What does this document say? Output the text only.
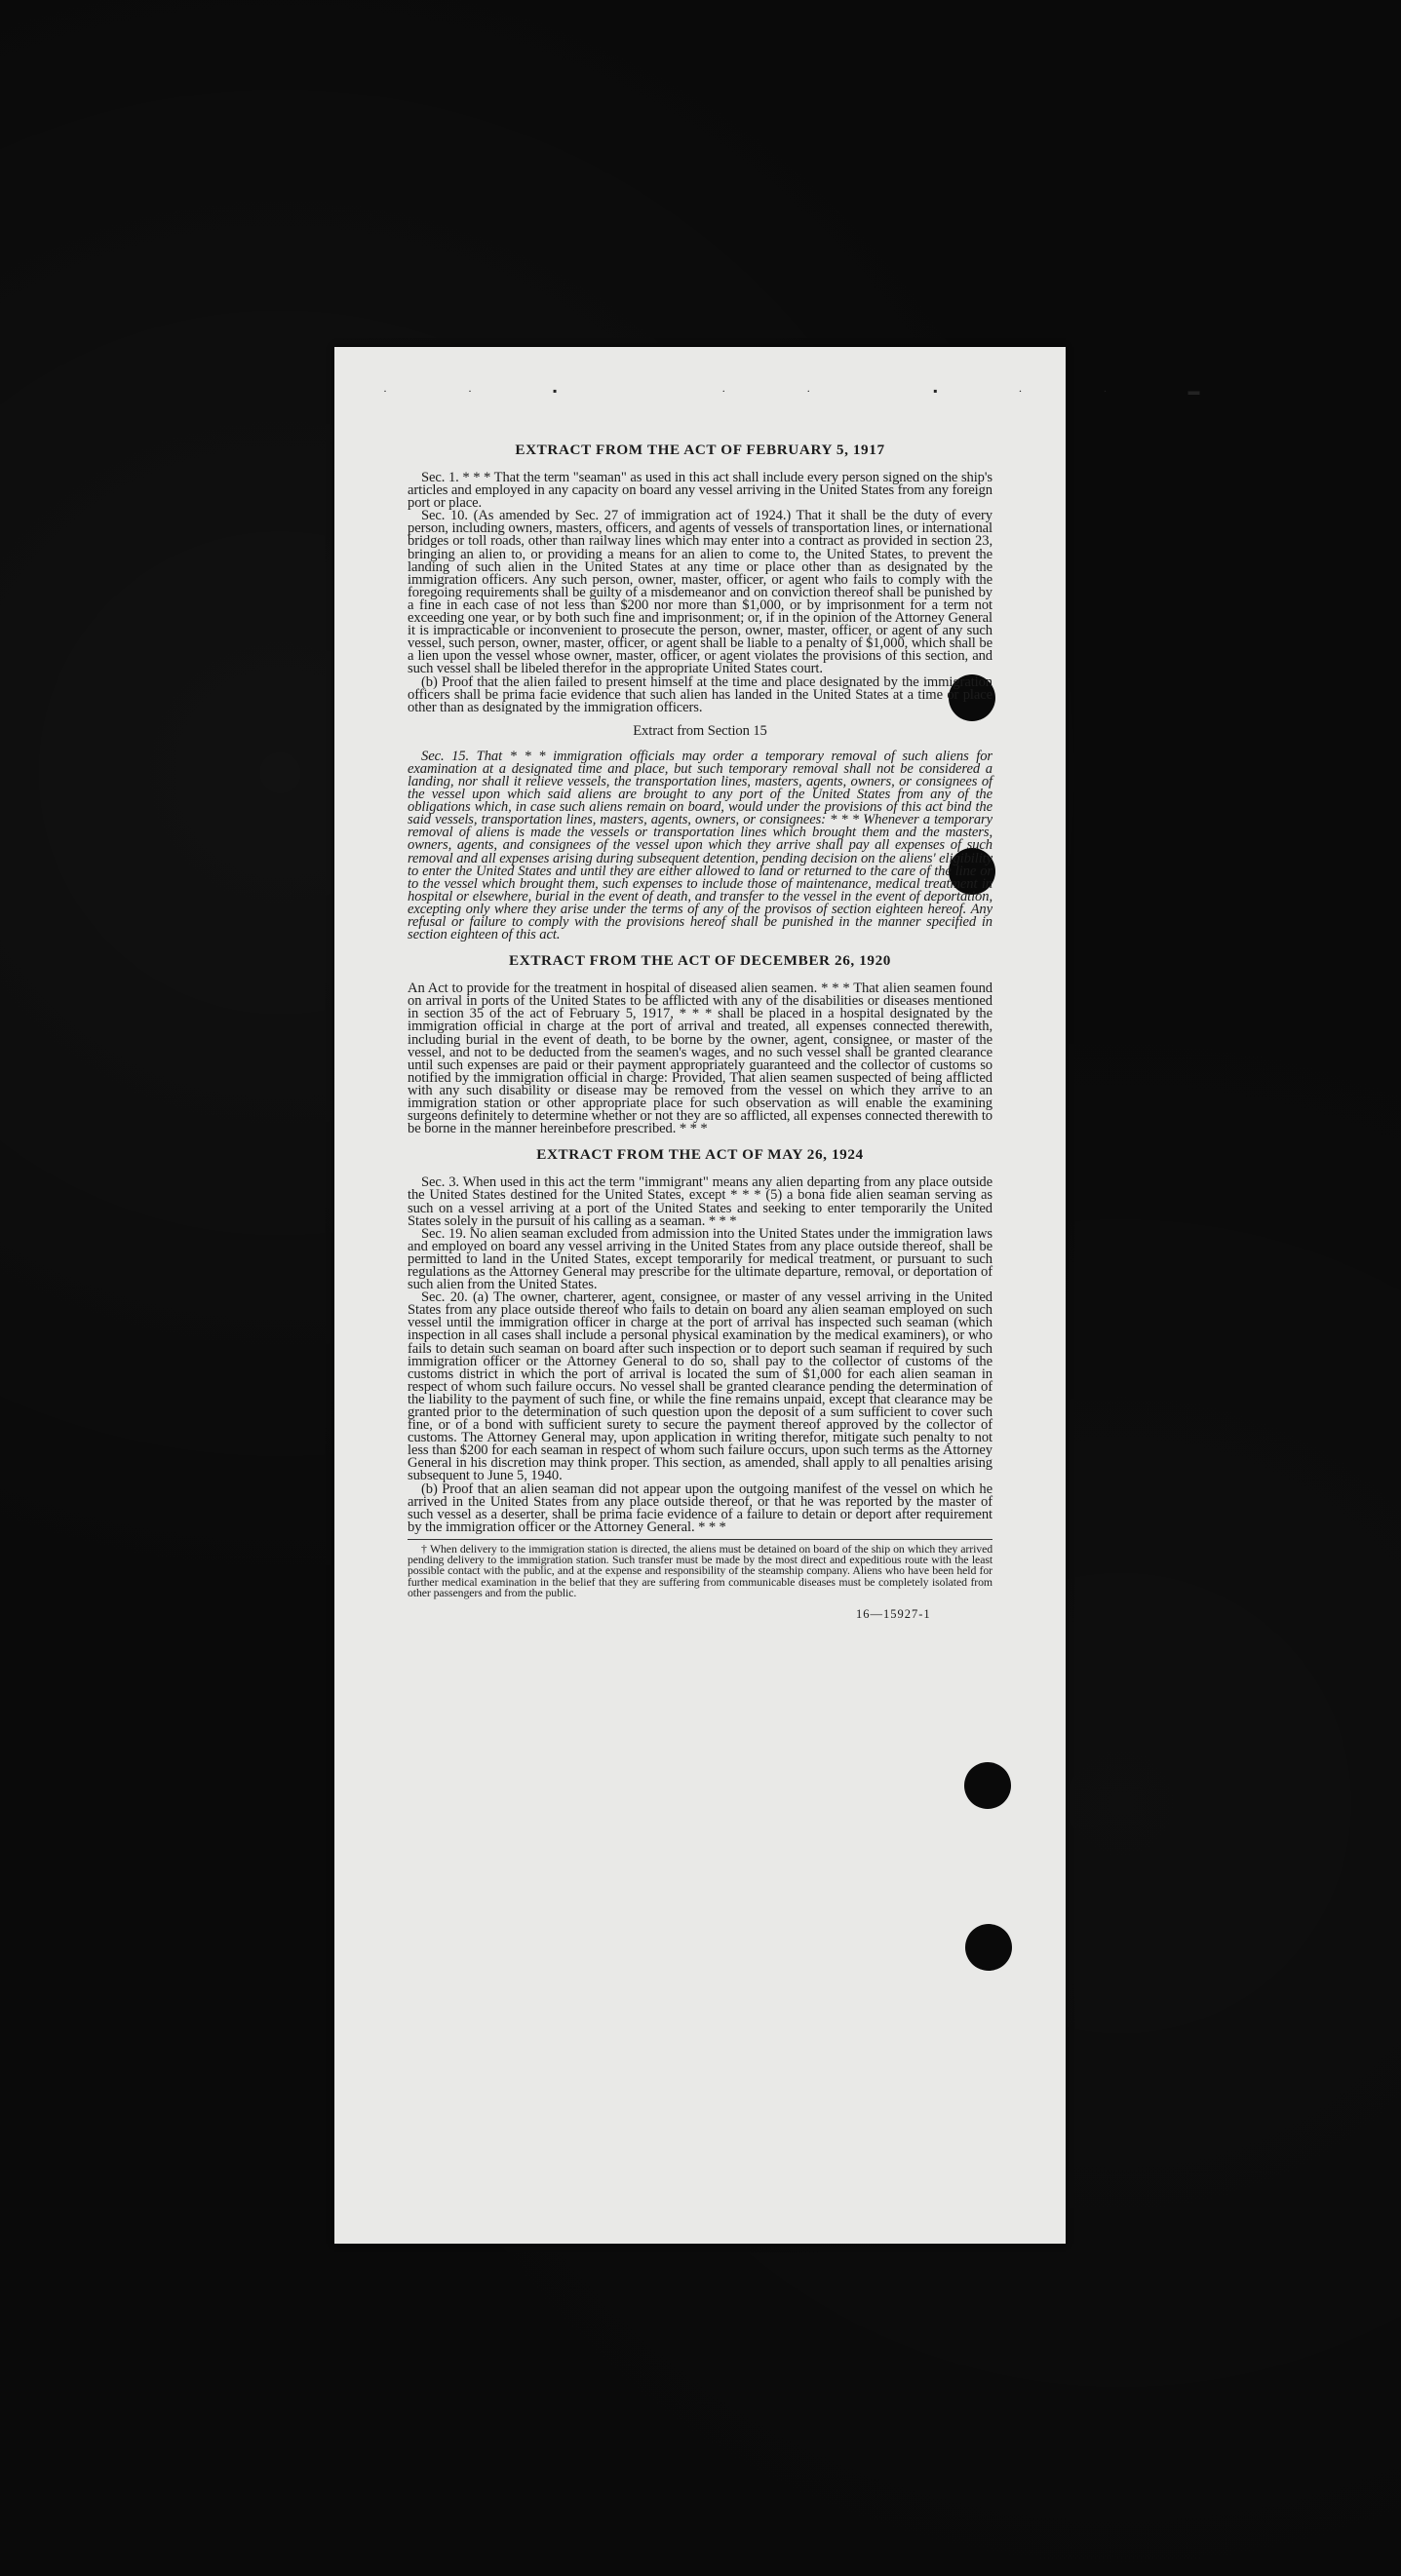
· · ▪   · ·  ▪ · · ▬
EXTRACT FROM THE ACT OF FEBRUARY 5, 1917

Sec. 1. * * * That the term "seaman" as used in this act shall include every person signed on the ship's articles and employed in any capacity on board any vessel arriving in the United States from any foreign port or place.

Sec. 10. (As amended by Sec. 27 of immigration act of 1924.) That it shall be the duty of every person, including owners, masters, officers, and agents of vessels of transportation lines, or international bridges or toll roads, other than railway lines which may enter into a contract as provided in section 23, bringing an alien to, or providing a means for an alien to come to, the United States, to prevent the landing of such alien in the United States at any time or place other than as designated by the immigration officers. Any such person, owner, master, officer, or agent who fails to comply with the foregoing requirements shall be guilty of a misdemeanor and on conviction thereof shall be punished by a fine in each case of not less than $200 nor more than $1,000, or by imprisonment for a term not exceeding one year, or by both such fine and imprisonment; or, if in the opinion of the Attorney General it is impracticable or inconvenient to prosecute the person, owner, master, officer, or agent of any such vessel, such person, owner, master, officer, or agent shall be liable to a penalty of $1,000, which shall be a lien upon the vessel whose owner, master, officer, or agent violates the provisions of this section, and such vessel shall be libeled therefor in the appropriate United States court.

(b) Proof that the alien failed to present himself at the time and place designated by the immigration officers shall be prima facie evidence that such alien has landed in the United States at a time or place other than as designated by the immigration officers.

Extract from Section 15

Sec. 15. That * * * immigration officials may order a temporary removal of such aliens for examination at a designated time and place, but such temporary removal shall not be considered a landing, nor shall it relieve vessels, the transportation lines, masters, agents, owners, or consignees of the vessel upon which said aliens are brought to any port of the United States from any of the obligations which, in case such aliens remain on board, would under the provisions of this act bind the said vessels, transportation lines, masters, agents, owners, or consignees: * * * Whenever a temporary removal of aliens is made the vessels or transportation lines which brought them and the masters, owners, agents, and consignees of the vessel upon which they arrive shall pay all expenses of such removal and all expenses arising during subsequent detention, pending decision on the aliens' eligibility to enter the United States and until they are either allowed to land or returned to the care of the line or to the vessel which brought them, such expenses to include those of maintenance, medical treatment in hospital or elsewhere, burial in the event of death, and transfer to the vessel in the event of deportation, excepting only where they arise under the terms of any of the provisos of section eighteen hereof. Any refusal or failure to comply with the provisions hereof shall be punished in the manner specified in section eighteen of this act.

EXTRACT FROM THE ACT OF DECEMBER 26, 1920

An Act to provide for the treatment in hospital of diseased alien seamen. * * * That alien seamen found on arrival in ports of the United States to be afflicted with any of the disabilities or diseases mentioned in section 35 of the act of February 5, 1917, * * * shall be placed in a hospital designated by the immigration official in charge at the port of arrival and treated, all expenses connected therewith, including burial in the event of death, to be borne by the owner, agent, consignee, or master of the vessel, and not to be deducted from the seamen's wages, and no such vessel shall be granted clearance until such expenses are paid or their payment appropriately guaranteed and the collector of customs so notified by the immigration official in charge: Provided, That alien seamen suspected of being afflicted with any such disability or disease may be removed from the vessel on which they arrive to an immigration station or other appropriate place for such observation as will enable the examining surgeons definitely to determine whether or not they are so afflicted, all expenses connected therewith to be borne in the manner hereinbefore prescribed. * * *

EXTRACT FROM THE ACT OF MAY 26, 1924

Sec. 3. When used in this act the term "immigrant" means any alien departing from any place outside the United States destined for the United States, except * * * (5) a bona fide alien seaman serving as such on a vessel arriving at a port of the United States and seeking to enter temporarily the United States solely in the pursuit of his calling as a seaman. * * *

Sec. 19. No alien seaman excluded from admission into the United States under the immigration laws and employed on board any vessel arriving in the United States from any place outside thereof, shall be permitted to land in the United States, except temporarily for medical treatment, or pursuant to such regulations as the Attorney General may prescribe for the ultimate departure, removal, or deportation of such alien from the United States.

Sec. 20. (a) The owner, charterer, agent, consignee, or master of any vessel arriving in the United States from any place outside thereof who fails to detain on board any alien seaman employed on such vessel until the immigration officer in charge at the port of arrival has inspected such seaman (which inspection in all cases shall include a personal physical examination by the medical examiners), or who fails to detain such seaman on board after such inspection or to deport such seaman if required by such immigration officer or the Attorney General to do so, shall pay to the collector of customs of the customs district in which the port of arrival is located the sum of $1,000 for each alien seaman in respect of whom such failure occurs. No vessel shall be granted clearance pending the determination of the liability to the payment of such fine, or while the fine remains unpaid, except that clearance may be granted prior to the determination of such question upon the deposit of a sum sufficient to cover such fine, or of a bond with sufficient surety to secure the payment thereof approved by the collector of customs. The Attorney General may, upon application in writing therefor, mitigate such penalty to not less than $200 for each seaman in respect of whom such failure occurs, upon such terms as the Attorney General in his discretion may think proper. This section, as amended, shall apply to all penalties arising subsequent to June 5, 1940.

(b) Proof that an alien seaman did not appear upon the outgoing manifest of the vessel on which he arrived in the United States from any place outside thereof, or that he was reported by the master of such vessel as a deserter, shall be prima facie evidence of a failure to detain or deport after requirement by the immigration officer or the Attorney General. * * *

† When delivery to the immigration station is directed, the aliens must be detained on board of the ship on which they arrived pending delivery to the immigration station. Such transfer must be made by the most direct and expeditious route with the least possible contact with the public, and at the expense and responsibility of the steamship company. Aliens who have been held for further medical examination in the belief that they are suffering from communicable diseases must be completely isolated from other passengers and from the public.
16—15927-1
